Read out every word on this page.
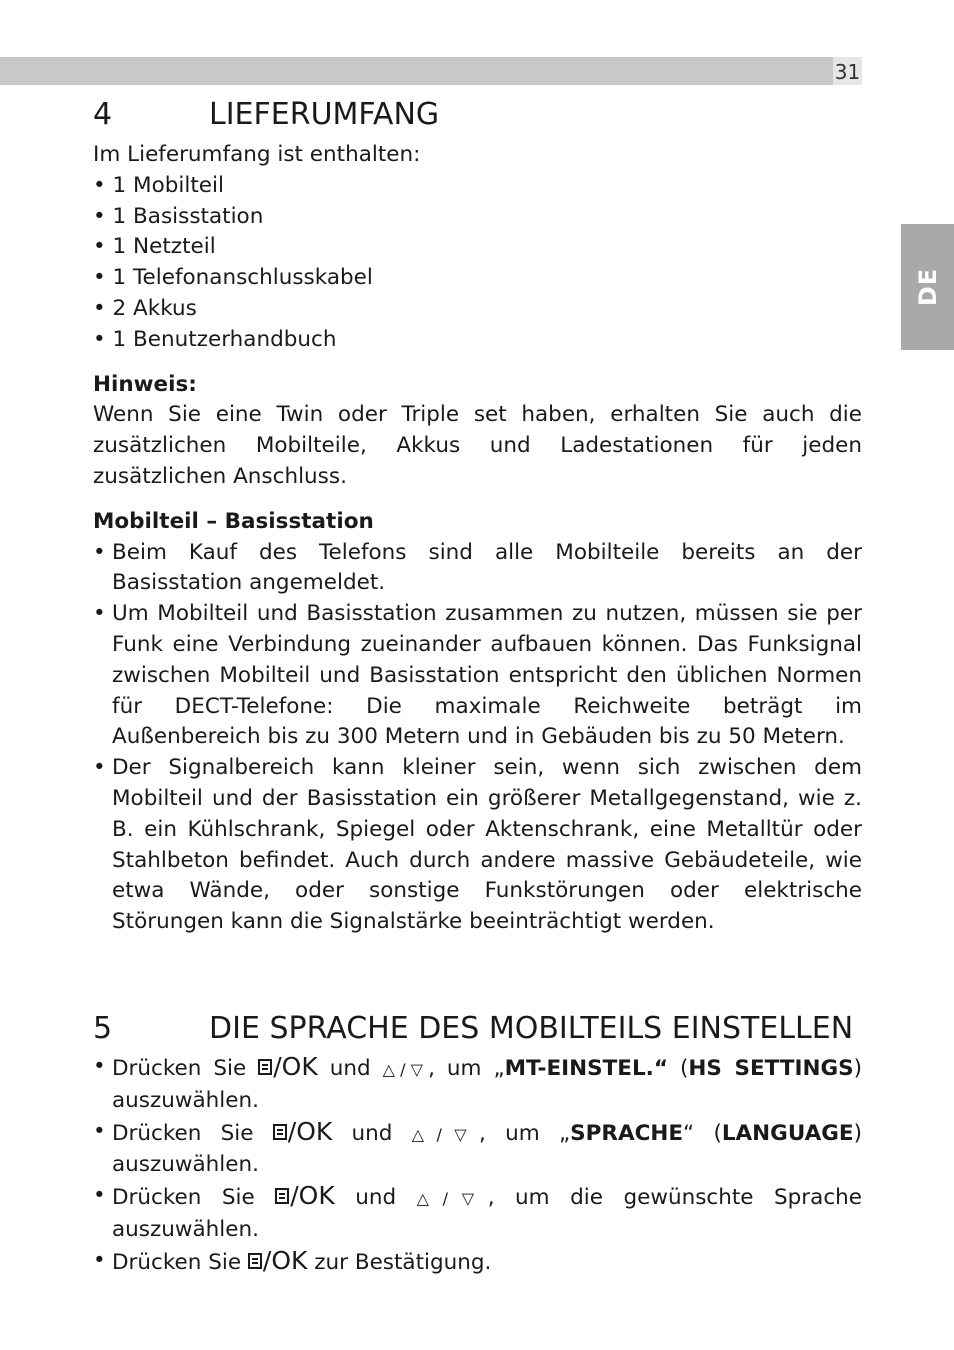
31
DE
4	LIEFERUMFANG
Im Lieferumfang ist enthalten:
• 1 Mobilteil
• 1 Basisstation
• 1 Netzteil
• 1 Telefonanschlusskabel
• 2 Akkus
• 1 Benutzerhandbuch
Hinweis:
Wenn Sie eine Twin oder Triple set haben, erhalten Sie auch die zusätzlichen Mobilteile, Akkus und Ladestationen für jeden zusätzlichen Anschluss.
Mobilteil – Basisstation
• Beim Kauf des Telefons sind alle Mobilteile bereits an der Basisstation angemeldet.
• Um Mobilteil und Basisstation zusammen zu nutzen, müssen sie per Funk eine Verbindung zueinander aufbauen können. Das Funksignal zwischen Mobilteil und Basisstation entspricht den üblichen Normen für DECT-Telefone: Die maximale Reichweite beträgt im Außenbereich bis zu 300 Metern und in Gebäuden bis zu 50 Metern.
• Der Signalbereich kann kleiner sein, wenn sich zwischen dem Mobilteil und der Basisstation ein größerer Metallgegenstand, wie z. B. ein Kühlschrank, Spiegel oder Aktenschrank, eine Metalltür oder Stahlbeton befindet. Auch durch andere massive Gebäudeteile, wie etwa Wände, oder sonstige Funkstörungen oder elektrische Störungen kann die Signalstärke beeinträchtigt werden.
5	DIE SPRACHE DES MOBILTEILS EINSTELLEN
• Drücken Sie /OK und △/▽, um „MT-EINSTEL.“ (HS SETTINGS) auszuwählen.
• Drücken Sie /OK und △/▽, um „SPRACHE“ (LANGUAGE) auszuwählen.
• Drücken Sie /OK und △/▽, um die gewünschte Sprache auszuwählen.
• Drücken Sie /OK zur Bestätigung.
